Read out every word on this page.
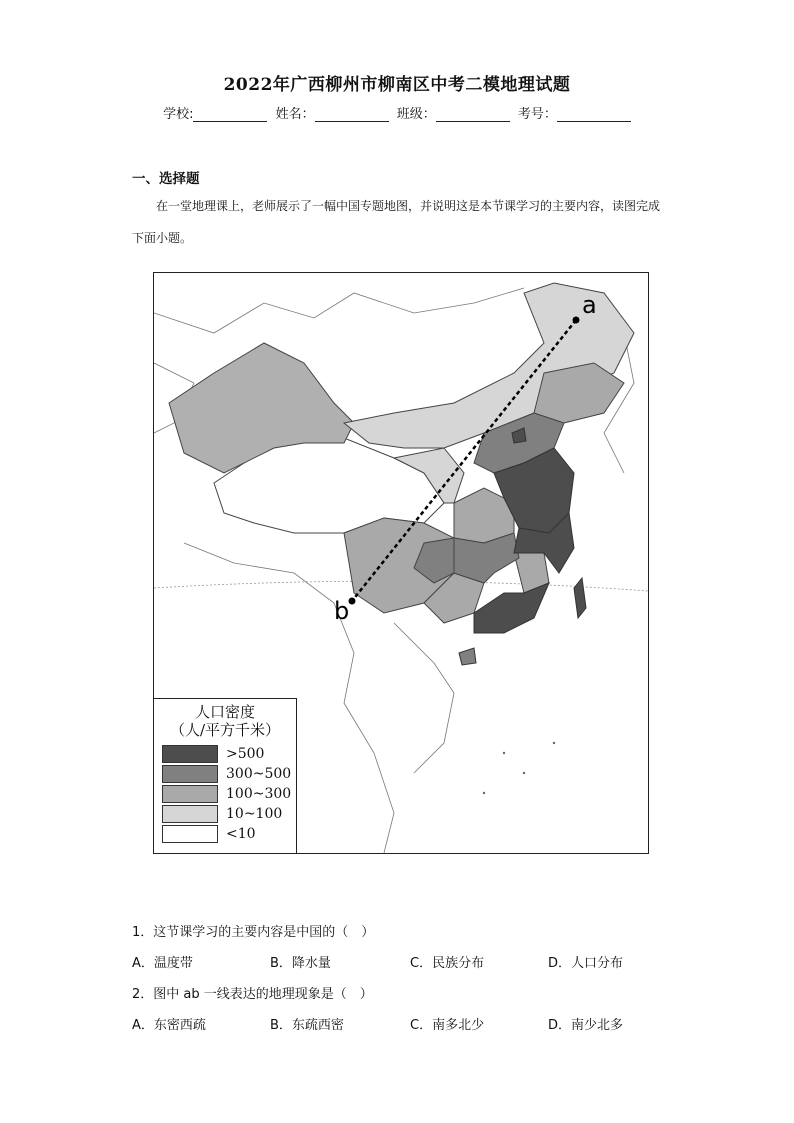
2022年广西柳州市柳南区中考二模地理试题
学校:	姓名：	班级：	考号：
一、选择题
在一堂地理课上，老师展示了一幅中国专题地图，并说明这是本节课学习的主要内容，读图完成下面小题。
a
b
人口密度
（人/平方千米）
>500
300~500
100~300
10~100
<10
1．这节课学习的主要内容是中国的（　）
A．温度带	B．降水量	C．民族分布	D．人口分布
2．图中 ab 一线表达的地理现象是（　）
A．东密西疏	B．东疏西密	C．南多北少	D．南少北多
